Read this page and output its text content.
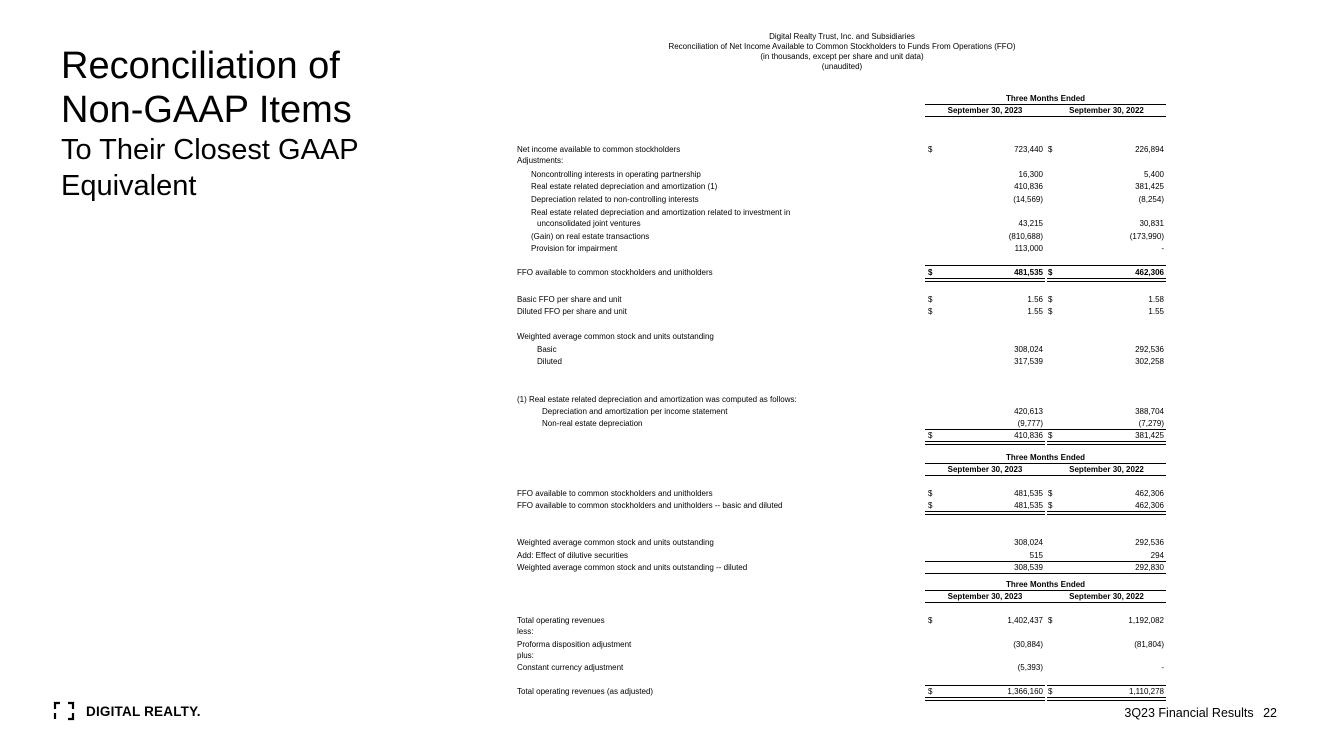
Reconciliation of
Non-GAAP Items
To Their Closest GAAP
Equivalent
DIGITAL REALTY.	3Q23 Financial Results 22
Digital Realty Trust, Inc. and Subsidiaries
Reconciliation of Net Income Available to Common Stockholders to Funds From Operations (FFO)
(in thousands, except per share and unit data)
(unaudited)
Three Months Ended
September 30, 2023	September 30, 2022
Three Months Ended
September 30, 2023	September 30, 2022
Three Months Ended
September 30, 2023	September 30, 2022
Net income available to common stockholders	$	723,440 $	226,894
Adjustments:
Noncontrolling interests in operating partnership	16,300	5,400
Real estate related depreciation and amortization (1)	410,836	381,425
Depreciation related to non-controlling interests	(14,569)	(8,254)
Real estate related depreciation and amortization related to investment in
unconsolidated joint ventures	43,215	30,831
(Gain) on real estate transactions	(810,688)	(173,990)
Provision for impairment	113,000	-
FFO available to common stockholders and unitholders	$	481,535 $	462,306
Basic FFO per share and unit	$	1.56 $	1.58
Diluted FFO per share and unit	$	1.55 $	1.55
Weighted average common stock and units outstanding
Basic	308,024	292,536
Diluted	317,539	302,258
(1) Real estate related depreciation and amortization was computed as follows:
Depreciation and amortization per income statement	420,613	388,704
Non-real estate depreciation	(9,777)	(7,279)
$	410,836 $	381,425
FFO available to common stockholders and unitholders	$	481,535 $	462,306
FFO available to common stockholders and unitholders -- basic and diluted	$	481,535 $	462,306
Weighted average common stock and units outstanding	308,024	292,536
Add: Effect of dilutive securities	515	294
Weighted average common stock and units outstanding -- diluted	308,539	292,830
Total operating revenues	$	1,402,437 $	1,192,082
less:
Proforma disposition adjustment	(30,884)	(81,804)
plus:
Constant currency adjustment	(5,393)	-
Total operating revenues (as adjusted)	$	1,366,160 $	1,110,278
